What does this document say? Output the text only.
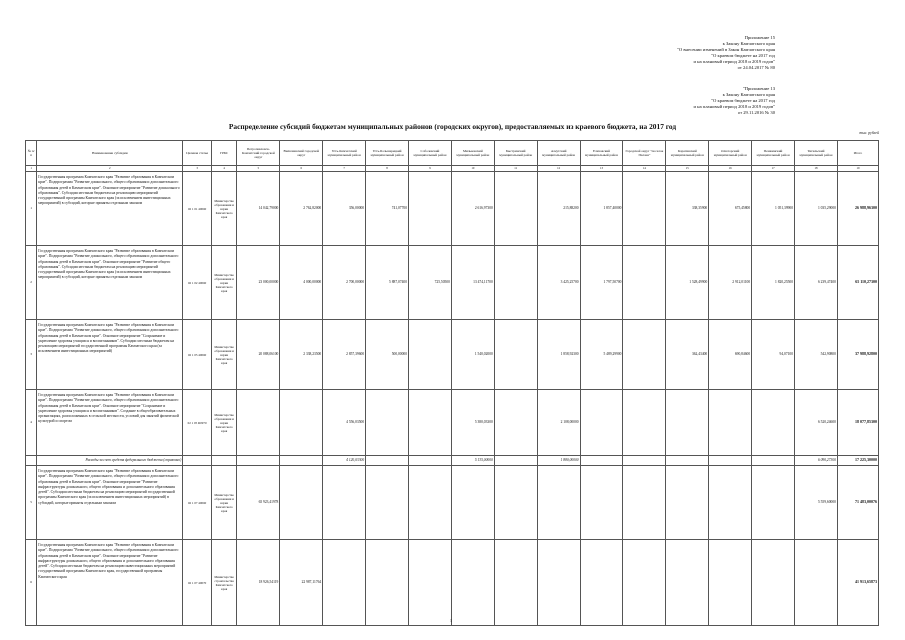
Приложение 15
к Закону Камчатского края
"О внесении изменений в Закон Камчатского края
"О краевом бюджете на 2017 год
и на плановый период 2018 и 2019 годов"
от 24.04.2017 № 80
"Приложение 13
к Закону Камчатского края
"О краевом бюджете на 2017 год
и на плановый период 2018 и 2019 годов"
от 29.11.2016 № 30
Распределение субсидий бюджетам муниципальных районов (городских округов), предоставляемых из краевого бюджета, на 2017 год
тыс. рублей
№ п/п	Наименование субсидии	Целевая статья	ГРБС	Петропавловск-Камчатский городской округ	Вилючинский городской округ	Усть-Камчатский муниципальный район	Усть-Большерецкий муниципальный район	Соболевский муниципальный район	Мильковский муниципальный район	Быстринский муниципальный район	Алеутский муниципальный район	Елизовский муниципальный район	Городской округ "поселок Палана"	Карагинский муниципальный район	Олюторский муниципальный район	Пенжинский муниципальный район	Тигильский муниципальный район	Итого
1	2	3	4	5	6	7	8	9	10	11	12	13	14	15	16	17	18	19
1	Государственная программа Камчатского края "Развитие образования в Камчатском крае". Подпрограмма "Развитие дошкольного, общего образования и дополнительного образования детей в Камчатском крае". Основное мероприятие "Развитие дошкольного образования". Субсидии местным бюджетам на реализацию мероприятий государственной программы Камчатского края (за исключением инвестиционных мероприятий) в субсидий, которые приняты отдельным законом	02 1 01 40060	Министерство образования и науки Камчатского края	14 042,79000	2 762,82000	356,00000	741,07700		2 616,97300		215,88200	1 857,40000		338,35900	675,45800	1 051,39900	1 035,29000	26 988,96300
2	Государственная программа Камчатского края "Развитие образования в Камчатском крае". Подпрограмма "Развитие дошкольного, общего образования и дополнительного образования детей в Камчатском крае". Основное мероприятие "Развитие общего образования". Субсидии местным бюджетам на реализацию мероприятий государственной программы Камчатского края (за исключением инвестиционных мероприятий) в субсидий, которые приняты отдельным законом	02 1 02 40060	Министерство образования и науки Камчатского края	23 000,00000	4 000,00000	2 700,00000	5 887,07400	725,50500	13 474,11700		3 425,25700	1 797,50700		1 528,49900	2 912,01100	1 820,25500	6 239,47400	65 110,27300
3	Государственная программа Камчатского края "Развитие образования в Камчатском крае". Подпрограмма "Развитие дошкольного, общего образования и дополнительного образования детей в Камчатском крае". Основное мероприятие "Сохранение и укрепление здоровья учащихся и воспитанников". Субсидии местным бюджетам на реализацию мероприятий государственной программы Камчатского края (за исключением инвестиционных мероприятий)	02 1 05 40060	Министерство образования и науки Камчатского края	20 088,06100	2 338,23500	2 857,39600	500,00000		1 540,02000		1 858,92300	5 489,29900		362,43400	690,84600	94,07100	542,90800	37 988,92800
4	Государственная программа Камчатского края "Развитие образования в Камчатском крае". Подпрограмма "Развитие дошкольного, общего образования и дополнительного образования детей в Камчатском крае". Основное мероприятие "Сохранение и укрепление здоровья учащихся и воспитанников". Создание в общеобразовательных организациях, расположенных в сельской местности, условий для занятий физической культурой и спортом	02 1 05 R0970	Министерство образования и науки Камчатского края			4 556,03500			5 380,03300		2 108,00000						6 520,24600	18 077,85300
	Расходы за счет средств федерального бюджета (справочно)					4 120,03300			5 135,00000		1 880,00000						6 090,27300	17 225,30000
5	Государственная программа Камчатского края "Развитие образования в Камчатском крае". Подпрограмма "Развитие дошкольного, общего образования и дополнительного образования детей в Камчатском крае". Основное мероприятие "Развитие инфраструктуры дошкольного, общего образования и дополнительного образования детей". Субсидии местным бюджетам на реализацию мероприятий государственной программы Камчатского края (за исключением инвестиционных мероприятий) в субсидий, которые приняты отдельным законом	02 1 07 40060	Министерство образования и науки Камчатского края	65 923,41978													5 559,60000	71 483,00076
6	Государственная программа Камчатского края "Развитие образования в Камчатском крае". Подпрограмма "Развитие дошкольного, общего образования и дополнительного образования детей в Камчатском крае". Основное мероприятие "Развитие инфраструктуры дошкольного, общего образования и дополнительного образования детей". Субсидии местным бюджетам на реализацию инвестиционных мероприятий государственной программы Камчатского края, государственной программы Камчатского края	02 1 07 40070	Министерство строительства Камчатского края	18 926,54119	22 987,11764													41 913,65873
1
